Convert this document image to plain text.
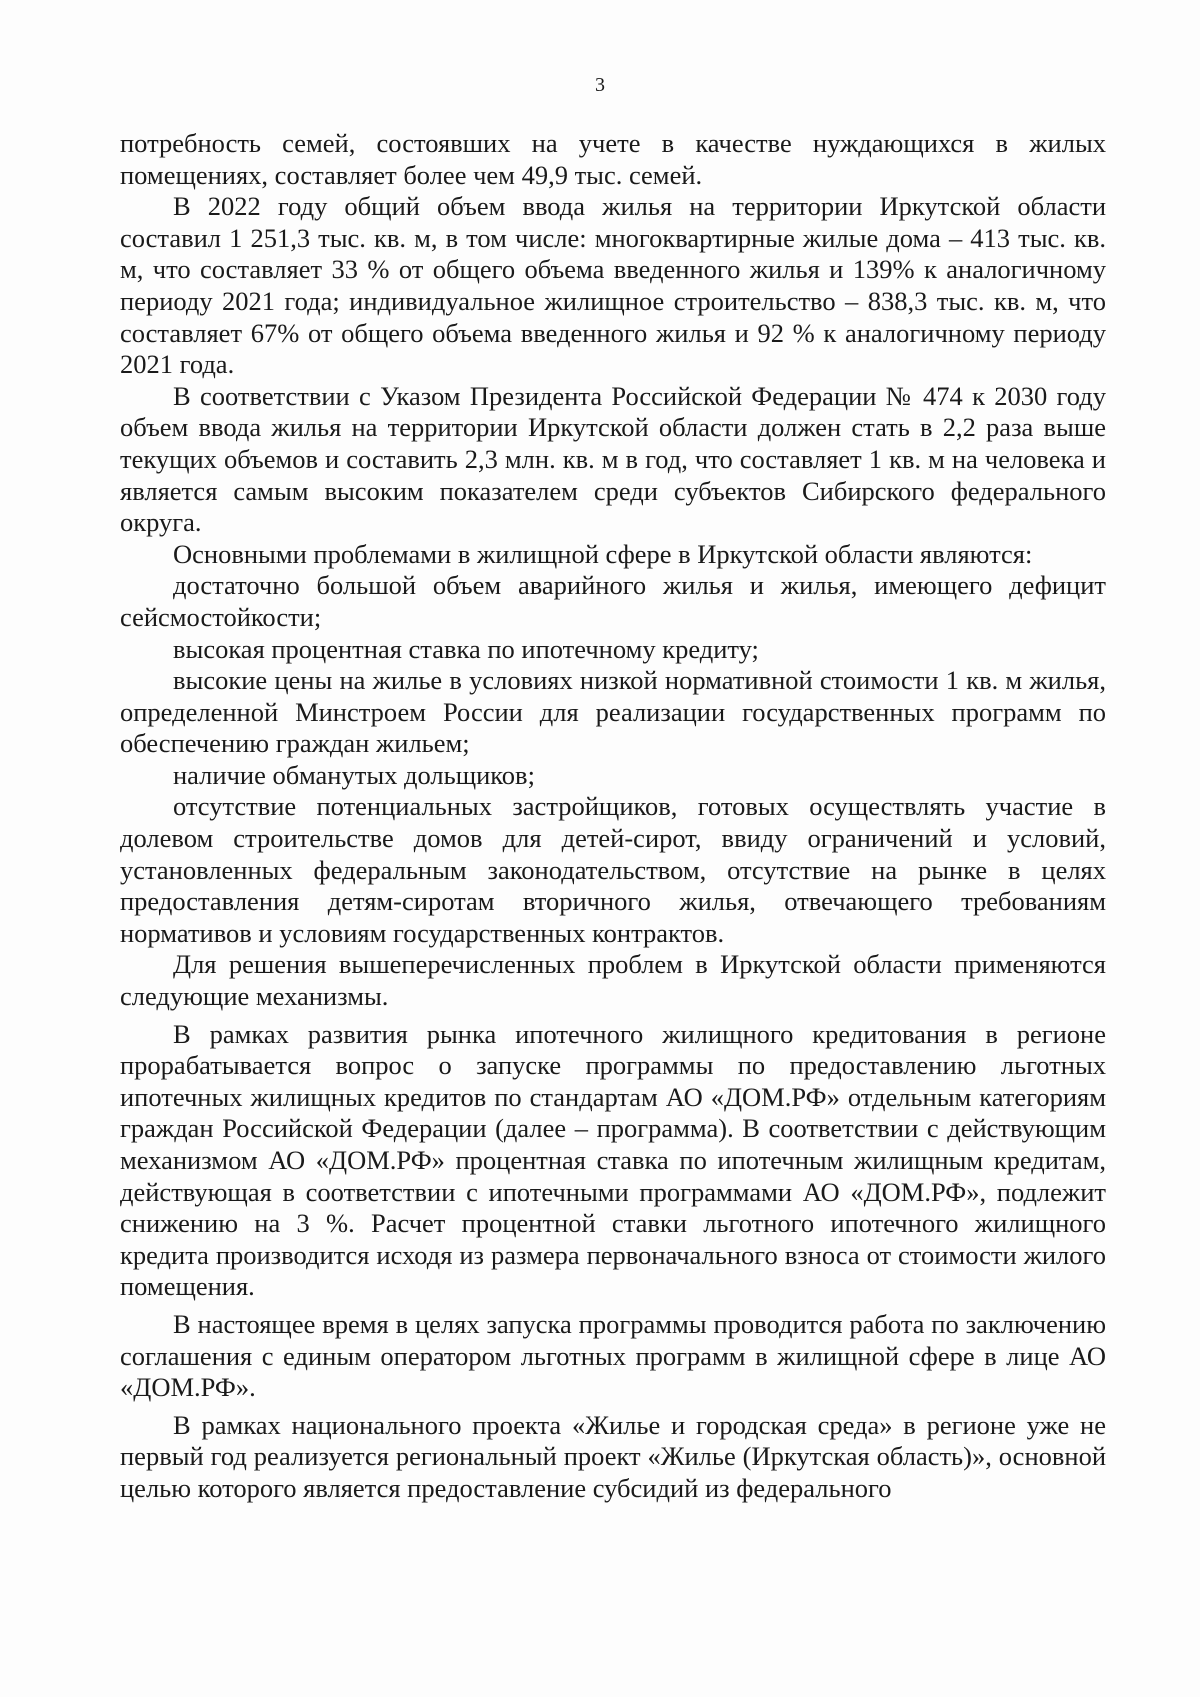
3

потребность семей, состоявших на учете в качестве нуждающихся в жилых помещениях, составляет более чем 49,9 тыс. семей.

В 2022 году общий объем ввода жилья на территории Иркутской области составил 1 251,3 тыс. кв. м, в том числе: многоквартирные жилые дома – 413 тыс. кв. м, что составляет 33 % от общего объема введенного жилья и 139% к аналогичному периоду 2021 года; индивидуальное жилищное строительство – 838,3 тыс. кв. м, что составляет 67% от общего объема введенного жилья и 92 % к аналогичному периоду 2021 года.

В соответствии с Указом Президента Российской Федерации № 474 к 2030 году объем ввода жилья на территории Иркутской области должен стать в 2,2 раза выше текущих объемов и составить 2,3 млн. кв. м в год, что составляет 1 кв. м на человека и является самым высоким показателем среди субъектов Сибирского федерального округа.

Основными проблемами в жилищной сфере в Иркутской области являются:

достаточно большой объем аварийного жилья и жилья, имеющего дефицит сейсмостойкости;

высокая процентная ставка по ипотечному кредиту;

высокие цены на жилье в условиях низкой нормативной стоимости 1 кв. м жилья, определенной Минстроем России для реализации государственных программ по обеспечению граждан жильем;

наличие обманутых дольщиков;

отсутствие потенциальных застройщиков, готовых осуществлять участие в долевом строительстве домов для детей-сирот, ввиду ограничений и условий, установленных федеральным законодательством, отсутствие на рынке в целях предоставления детям-сиротам вторичного жилья, отвечающего требованиям нормативов и условиям государственных контрактов.

Для решения вышеперечисленных проблем в Иркутской области применяются следующие механизмы.

В рамках развития рынка ипотечного жилищного кредитования в регионе прорабатывается вопрос о запуске программы по предоставлению льготных ипотечных жилищных кредитов по стандартам АО «ДОМ.РФ» отдельным категориям граждан Российской Федерации (далее – программа). В соответствии с действующим механизмом АО «ДОМ.РФ» процентная ставка по ипотечным жилищным кредитам, действующая в соответствии с ипотечными программами АО «ДОМ.РФ», подлежит снижению на 3 %. Расчет процентной ставки льготного ипотечного жилищного кредита производится исходя из размера первоначального взноса от стоимости жилого помещения.

В настоящее время в целях запуска программы проводится работа по заключению соглашения с единым оператором льготных программ в жилищной сфере в лице АО «ДОМ.РФ».

В рамках национального проекта «Жилье и городская среда» в регионе уже не первый год реализуется региональный проект «Жилье (Иркутская область)», основной целью которого является предоставление субсидий из федерального
